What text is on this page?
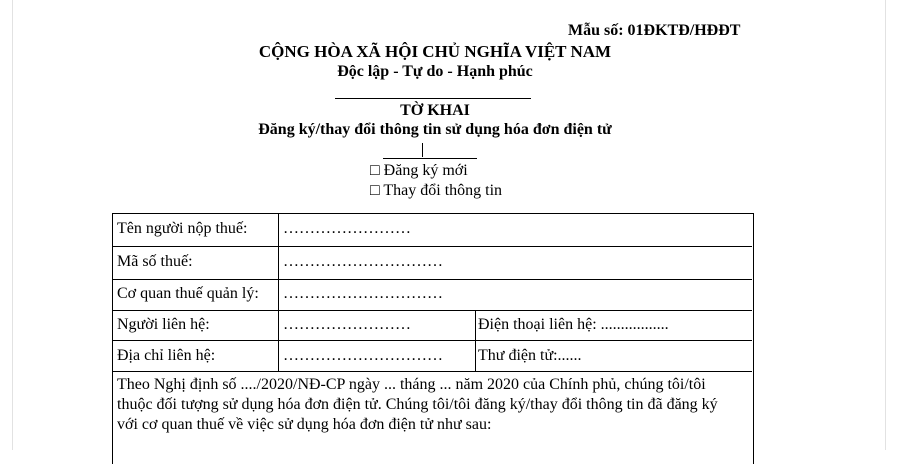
Mẫu số: 01ĐKTĐ/HĐĐT
CỘNG HÒA XÃ HỘI CHỦ NGHĨA VIỆT NAM
Độc lập - Tự do - Hạnh phúc
TỜ KHAI
Đăng ký/thay đổi thông tin sử dụng hóa đơn điện tử
□ Đăng ký mới
□ Thay đổi thông tin
Tên người nộp thuế: ……………………
Mã số thuế:	…………………………
Cơ quan thuế quản lý: …………………………
Người liên hệ:	……………………	Điện thoại liên hệ: .................
Địa chỉ liên hệ:	………………………… Thư điện tử:......

Theo Nghị định số ..../2020/NĐ-CP ngày ... tháng ... năm 2020 của Chính phủ, chúng tôi/tôi

thuộc đối tượng sử dụng hóa đơn điện tử. Chúng tôi/tôi đăng ký/thay đổi thông tin đã đăng ký

với cơ quan thuế về việc sử dụng hóa đơn điện tử như sau:
